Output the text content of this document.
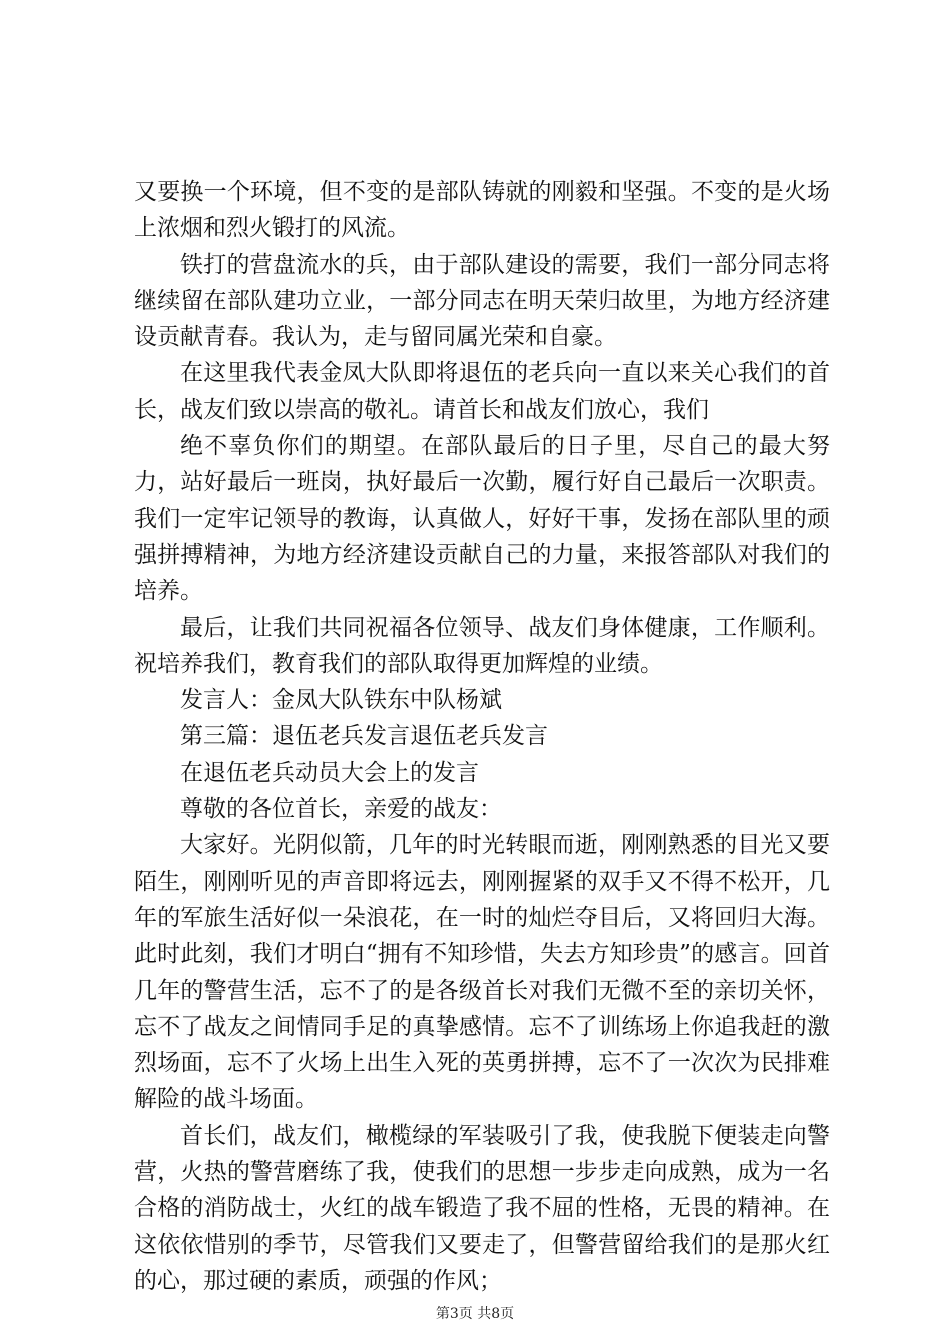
又要换一个环境，但不变的是部队铸就的刚毅和坚强。不变的是火场上浓烟和烈火锻打的风流。

铁打的营盘流水的兵，由于部队建设的需要，我们一部分同志将继续留在部队建功立业，一部分同志在明天荣归故里，为地方经济建设贡献青春。我认为，走与留同属光荣和自豪。

在这里我代表金凤大队即将退伍的老兵向一直以来关心我们的首长，战友们致以崇高的敬礼。请首长和战友们放心，我们

绝不辜负你们的期望。在部队最后的日子里，尽自己的最大努力，站好最后一班岗，执好最后一次勤，履行好自己最后一次职责。我们一定牢记领导的教诲，认真做人，好好干事，发扬在部队里的顽强拼搏精神，为地方经济建设贡献自己的力量，来报答部队对我们的培养。

最后，让我们共同祝福各位领导、战友们身体健康，工作顺利。祝培养我们，教育我们的部队取得更加辉煌的业绩。

发言人：金凤大队铁东中队杨斌

第三篇：退伍老兵发言退伍老兵发言

在退伍老兵动员大会上的发言

尊敬的各位首长，亲爱的战友：

大家好。光阴似箭，几年的时光转眼而逝，刚刚熟悉的目光又要陌生，刚刚听见的声音即将远去，刚刚握紧的双手又不得不松开，几年的军旅生活好似一朵浪花，在一时的灿烂夺目后，又将回归大海。此时此刻，我们才明白“拥有不知珍惜，失去方知珍贵”的感言。回首几年的警营生活，忘不了的是各级首长对我们无微不至的亲切关怀，忘不了战友之间情同手足的真挚感情。忘不了训练场上你追我赶的激烈场面，忘不了火场上出生入死的英勇拼搏，忘不了一次次为民排难解险的战斗场面。

首长们，战友们，橄榄绿的军装吸引了我，使我脱下便装走向警营，火热的警营磨练了我，使我们的思想一步步走向成熟，成为一名合格的消防战士，火红的战车锻造了我不屈的性格，无畏的精神。在这依依惜别的季节，尽管我们又要走了，但警营留给我们的是那火红的心，那过硬的素质，顽强的作风；

第3页 共8页
